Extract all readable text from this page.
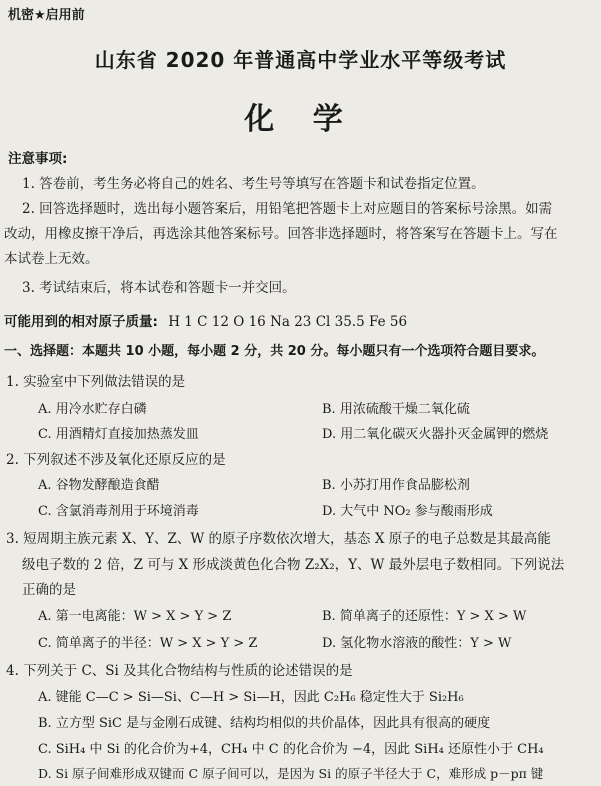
机密★启用前
山东省 2020 年普通高中学业水平等级考试
化 学
注意事项:
1. 答卷前，考生务必将自己的姓名、考生号等填写在答题卡和试卷指定位置。
2. 回答选择题时，选出每小题答案后，用铅笔把答题卡上对应题目的答案标号涂黑。如需
改动，用橡皮擦干净后，再选涂其他答案标号。回答非选择题时，将答案写在答题卡上。写在
本试卷上无效。
3. 考试结束后，将本试卷和答题卡一并交回。
可能用到的相对原子质量: H 1 C 12 O 16 Na 23 Cl 35.5 Fe 56
一、选择题：本题共 10 小题，每小题 2 分，共 20 分。每小题只有一个选项符合题目要求。
1. 实验室中下列做法错误的是
A. 用冷水贮存白磷	B. 用浓硫酸干燥二氧化硫
C. 用酒精灯直接加热蒸发皿	D. 用二氧化碳灭火器扑灭金属钾的燃烧
2. 下列叙述不涉及氧化还原反应的是
A. 谷物发酵酿造食醋	B. 小苏打用作食品膨松剂
C. 含氯消毒剂用于环境消毒	D. 大气中 NO₂ 参与酸雨形成
3. 短周期主族元素 X、Y、Z、W 的原子序数依次增大，基态 X 原子的电子总数是其最高能
级电子数的 2 倍，Z 可与 X 形成淡黄色化合物 Z₂X₂，Y、W 最外层电子数相同。下列说法
正确的是
A. 第一电离能：W > X > Y > Z	B. 简单离子的还原性：Y > X > W
C. 简单离子的半径：W > X > Y > Z	D. 氢化物水溶液的酸性：Y > W
4. 下列关于 C、Si 及其化合物结构与性质的论述错误的是
A. 键能 C—C > Si—Si、C—H > Si—H，因此 C₂H₆ 稳定性大于 Si₂H₆
B. 立方型 SiC 是与金刚石成键、结构均相似的共价晶体，因此具有很高的硬度
C. SiH₄ 中 Si 的化合价为+4，CH₄ 中 C 的化合价为 −4，因此 SiH₄ 还原性小于 CH₄
D. Si 原子间难形成双键而 C 原子间可以，是因为 Si 的原子半径大于 C，难形成 p－pπ 键
